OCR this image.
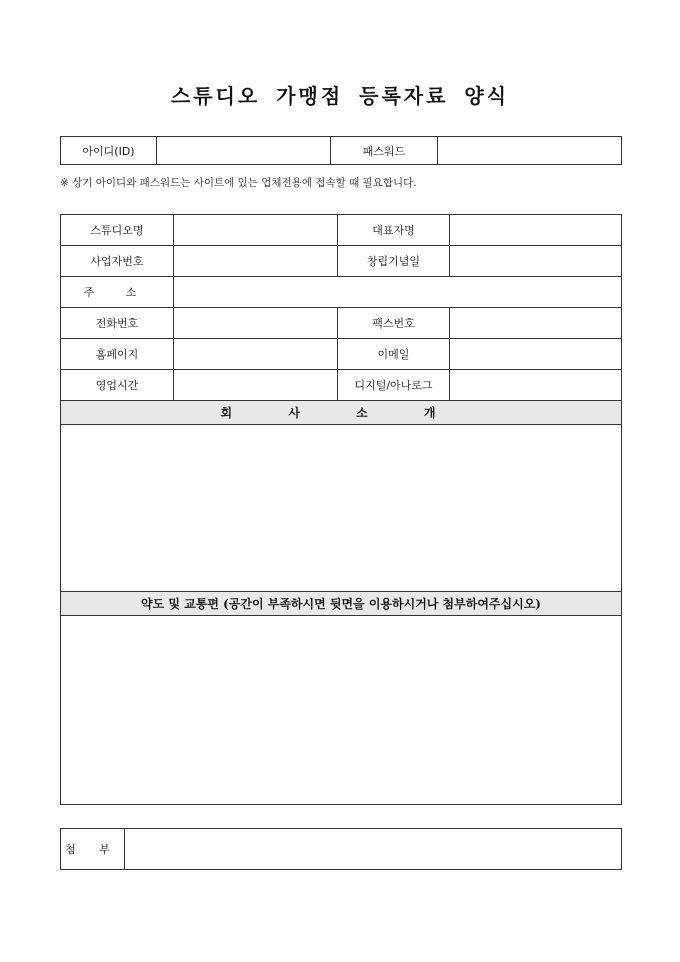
스튜디오 가맹점 등록자료 양식
아이디(ID)		패스워드	
※ 상기 아이디와 패스워드는 사이트에 있는 업체전용에 접속할 때 필요합니다.
스튜디오명		대표자명	
사업자번호		창립기념일	
주 소			
전화번호		팩스번호	
홈페이지		이메일	
영업시간		디지털/아나로그	
회 사 소 개			

약도 및 교통편 (공간이 부족하시면 뒷면을 이용하시거나 첨부하여주십시오)			

첨 부	
